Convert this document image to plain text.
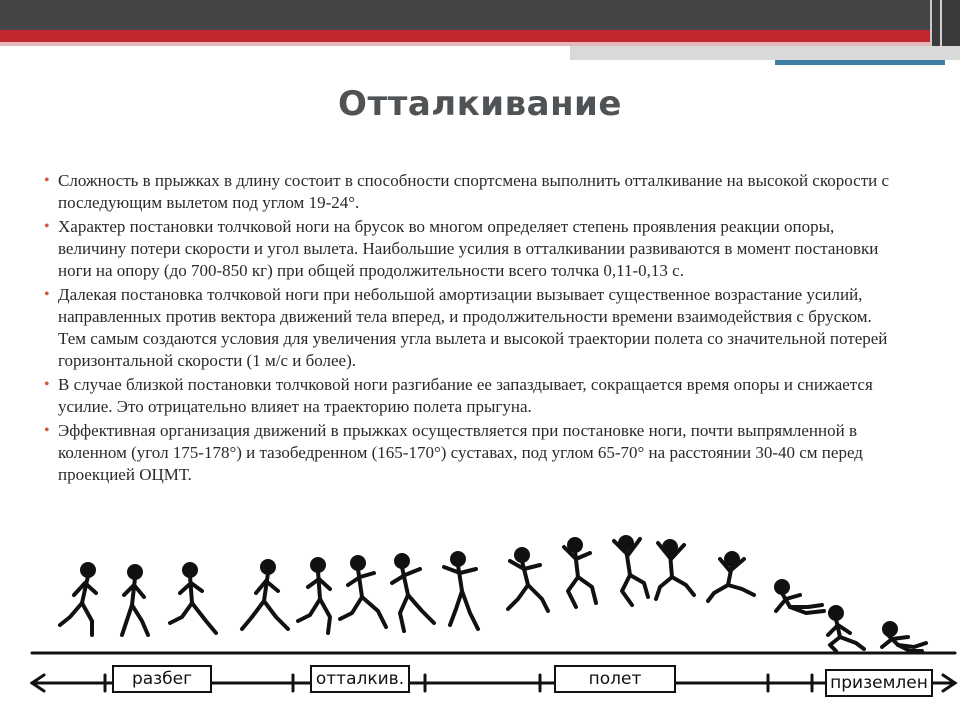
Отталкивание
• Сложность в прыжках в длину состоит в способности спортсмена выполнить отталкивание на высокой скорости с последующим вылетом под углом 19-24°.
• Характер постановки толчковой ноги на брусок во многом определяет степень проявления реакции опоры, величину потери скорости и угол вылета. Наибольшие усилия в отталкивании развиваются в момент постановки ноги на опору (до 700-850 кг) при общей продолжительности всего толчка 0,11-0,13 с.
• Далекая постановка толчковой ноги при небольшой амортизации вызывает существенное возрастание усилий, направленных против вектора движений тела вперед, и продолжительности времени взаимодействия с бруском. Тем самым создаются условия для увеличения угла вылета и высокой траектории полета со значительной потерей горизонтальной скорости (1 м/с и более).
• В случае близкой постановки толчковой ноги разгибание ее запаздывает, сокращается время опоры и снижается усилие. Это отрицательно влияет на траекторию полета прыгуна.
• Эффективная организация движений в прыжках осуществляется при постановке ноги, почти выпрямленной в коленном (угол 175-178°) и тазобедренном (165-170°) суставах, под углом 65-70° на расстоянии 30-40 см перед проекцией ОЦМТ.
разбег	отталкив.	полет	приземлен
